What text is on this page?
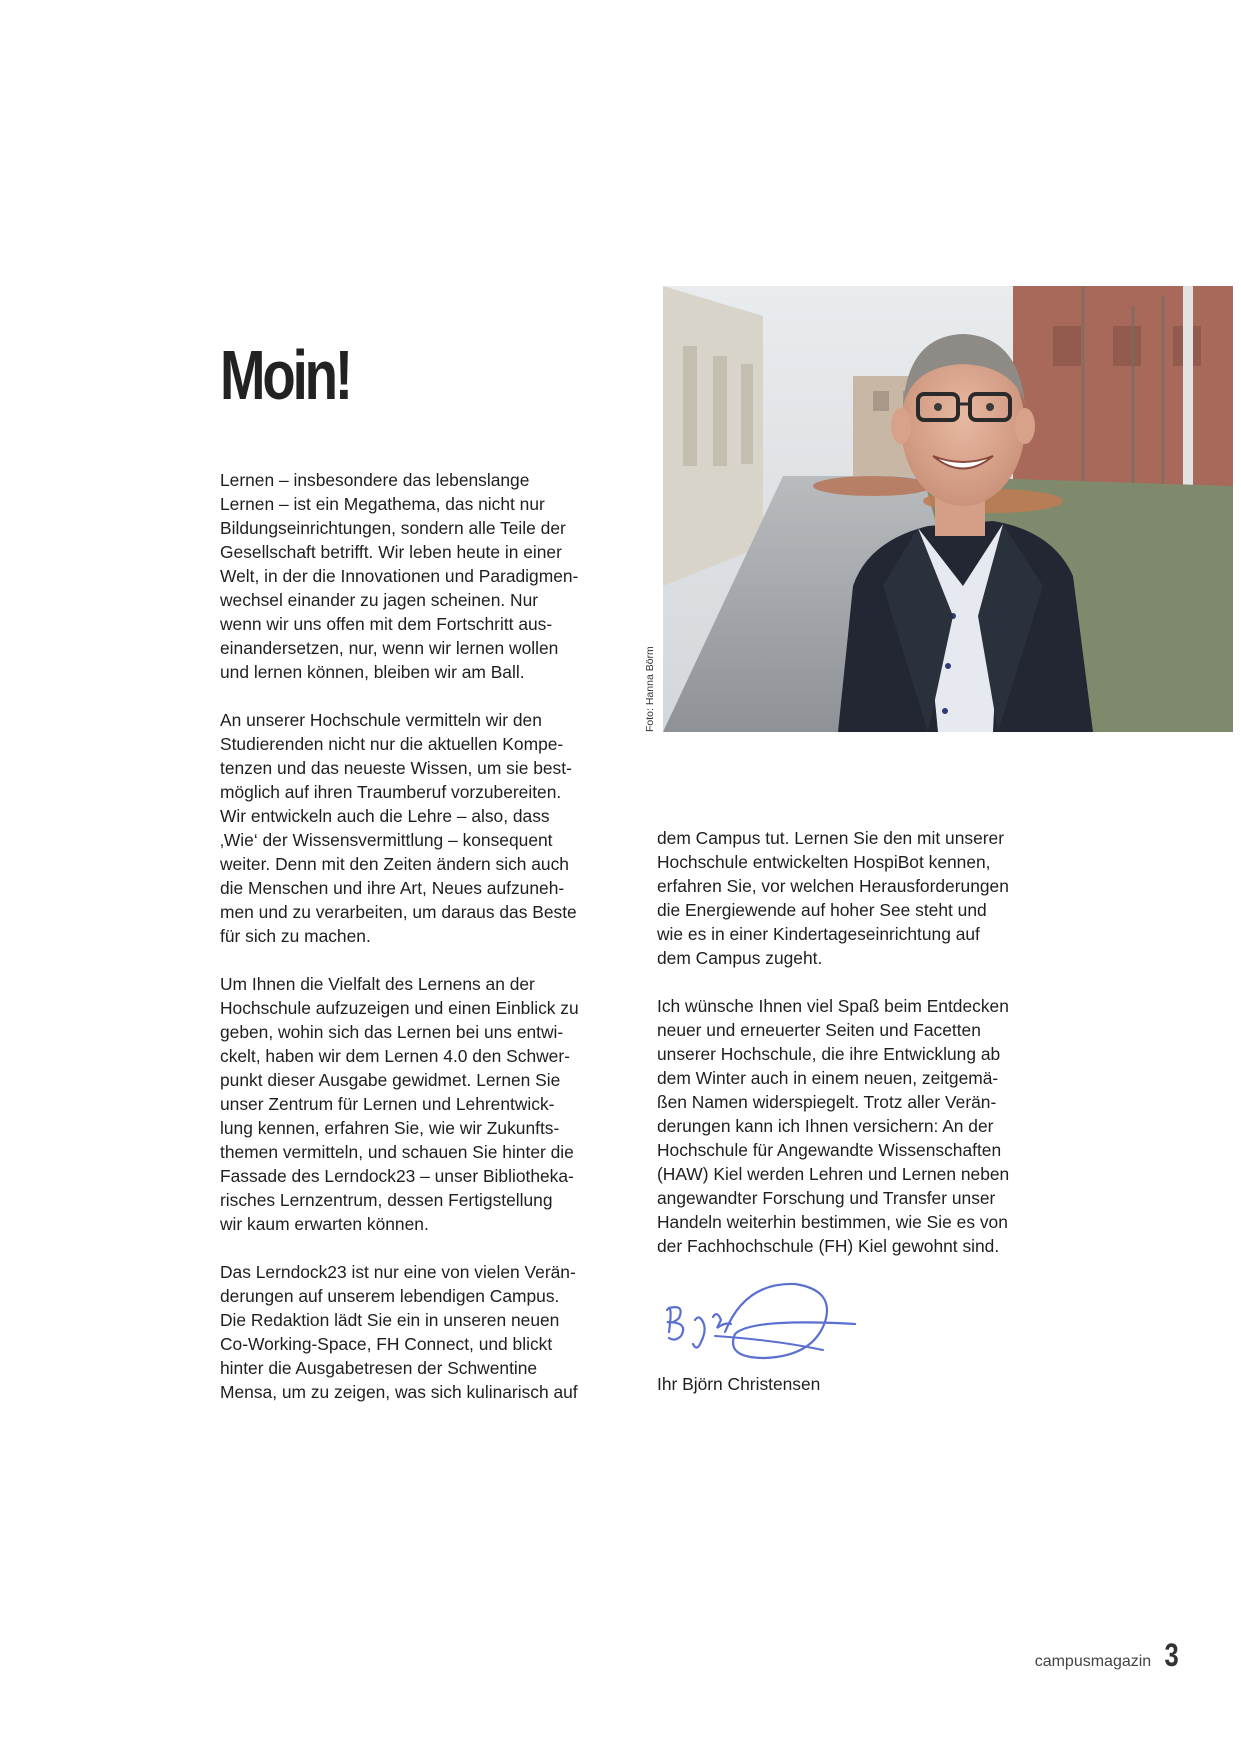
Moin!

Lernen – insbesondere das lebenslange
Lernen – ist ein Megathema, das nicht nur
Bildungseinrichtungen, sondern alle Teile der
Gesellschaft betrifft. Wir leben heute in einer
Welt, in der die Innovationen und Paradigmen-
wechsel einander zu jagen scheinen. Nur
wenn wir uns offen mit dem Fortschritt aus-
einandersetzen, nur, wenn wir lernen wollen
und lernen können, bleiben wir am Ball.

An unserer Hochschule vermitteln wir den
Studierenden nicht nur die aktuellen Kompe-
tenzen und das neueste Wissen, um sie best-
möglich auf ihren Traumberuf vorzubereiten.
Wir entwickeln auch die Lehre – also, dass
‚Wie‘ der Wissensvermittlung – konsequent
weiter. Denn mit den Zeiten ändern sich auch
die Menschen und ihre Art, Neues aufzuneh-
men und zu verarbeiten, um daraus das Beste
für sich zu machen.

Um Ihnen die Vielfalt des Lernens an der
Hochschule aufzuzeigen und einen Einblick zu
geben, wohin sich das Lernen bei uns entwi-
ckelt, haben wir dem Lernen 4.0 den Schwer-
punkt dieser Ausgabe gewidmet. Lernen Sie
unser Zentrum für Lernen und Lehrentwick-
lung kennen, erfahren Sie, wie wir Zukunfts-
themen vermitteln, und schauen Sie hinter die
Fassade des Lerndock23 – unser Bibliotheka-
risches Lernzentrum, dessen Fertigstellung
wir kaum erwarten können.

Das Lerndock23 ist nur eine von vielen Verän-
derungen auf unserem lebendigen Campus.
Die Redaktion lädt Sie ein in unseren neuen
Co-Working-Space, FH Connect, und blickt
hinter die Ausgabetresen der Schwentine
Mensa, um zu zeigen, was sich kulinarisch auf

Foto: Hanna Börm

dem Campus tut. Lernen Sie den mit unserer
Hochschule entwickelten HospiBot kennen,
erfahren Sie, vor welchen Herausforderungen
die Energiewende auf hoher See steht und
wie es in einer Kindertageseinrichtung auf
dem Campus zugeht.

Ich wünsche Ihnen viel Spaß beim Entdecken
neuer und erneuerter Seiten und Facetten
unserer Hochschule, die ihre Entwicklung ab
dem Winter auch in einem neuen, zeitgemä-
ßen Namen widerspiegelt. Trotz aller Verän-
derungen kann ich Ihnen versichern: An der
Hochschule für Angewandte Wissenschaften
(HAW) Kiel werden Lehren und Lernen neben
angewandter Forschung und Transfer unser
Handeln weiterhin bestimmen, wie Sie es von
der Fachhochschule (FH) Kiel gewohnt sind.

Ihr Björn Christensen
campusmagazin 3
